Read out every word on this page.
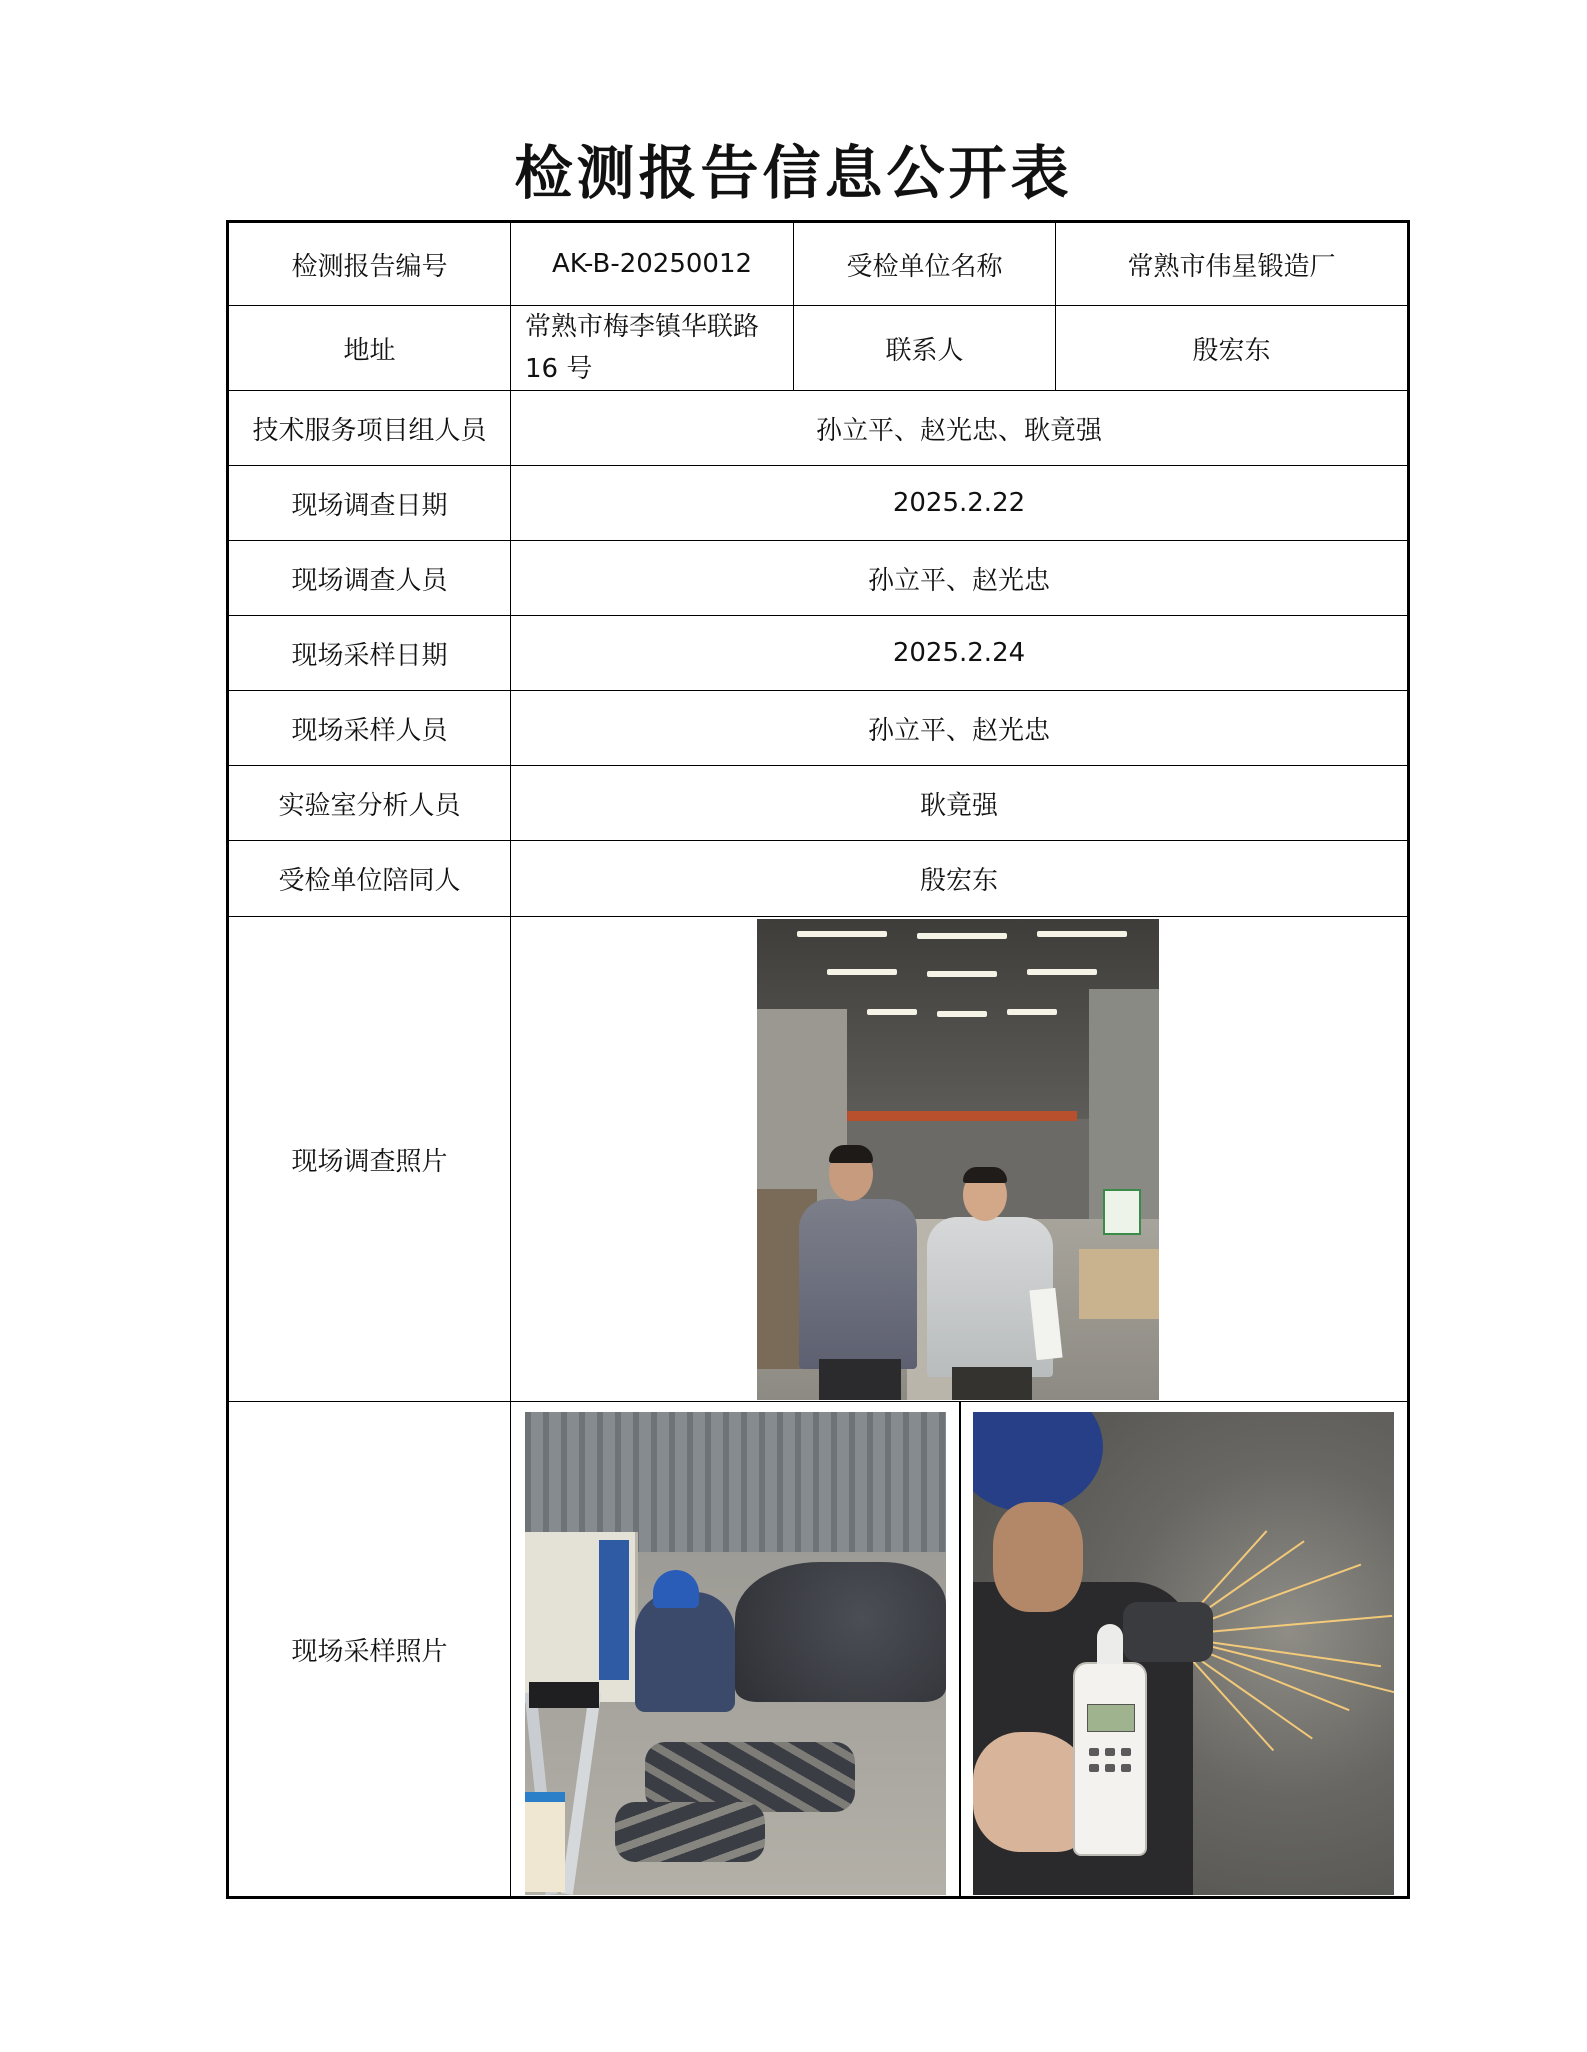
检测报告信息公开表
检测报告编号	AK-B-20250012	受检单位名称	常熟市伟星锻造厂
地址	常熟市梅李镇华联路 16 号	联系人	殷宏东
技术服务项目组人员	孙立平、赵光忠、耿竟强		
现场调查日期	2025.2.22		
现场调查人员	孙立平、赵光忠		
现场采样日期	2025.2.24		
现场采样人员	孙立平、赵光忠		
实验室分析人员	耿竟强		
受检单位陪同人	殷宏东		
现场调查照片			

现场采样照片			
